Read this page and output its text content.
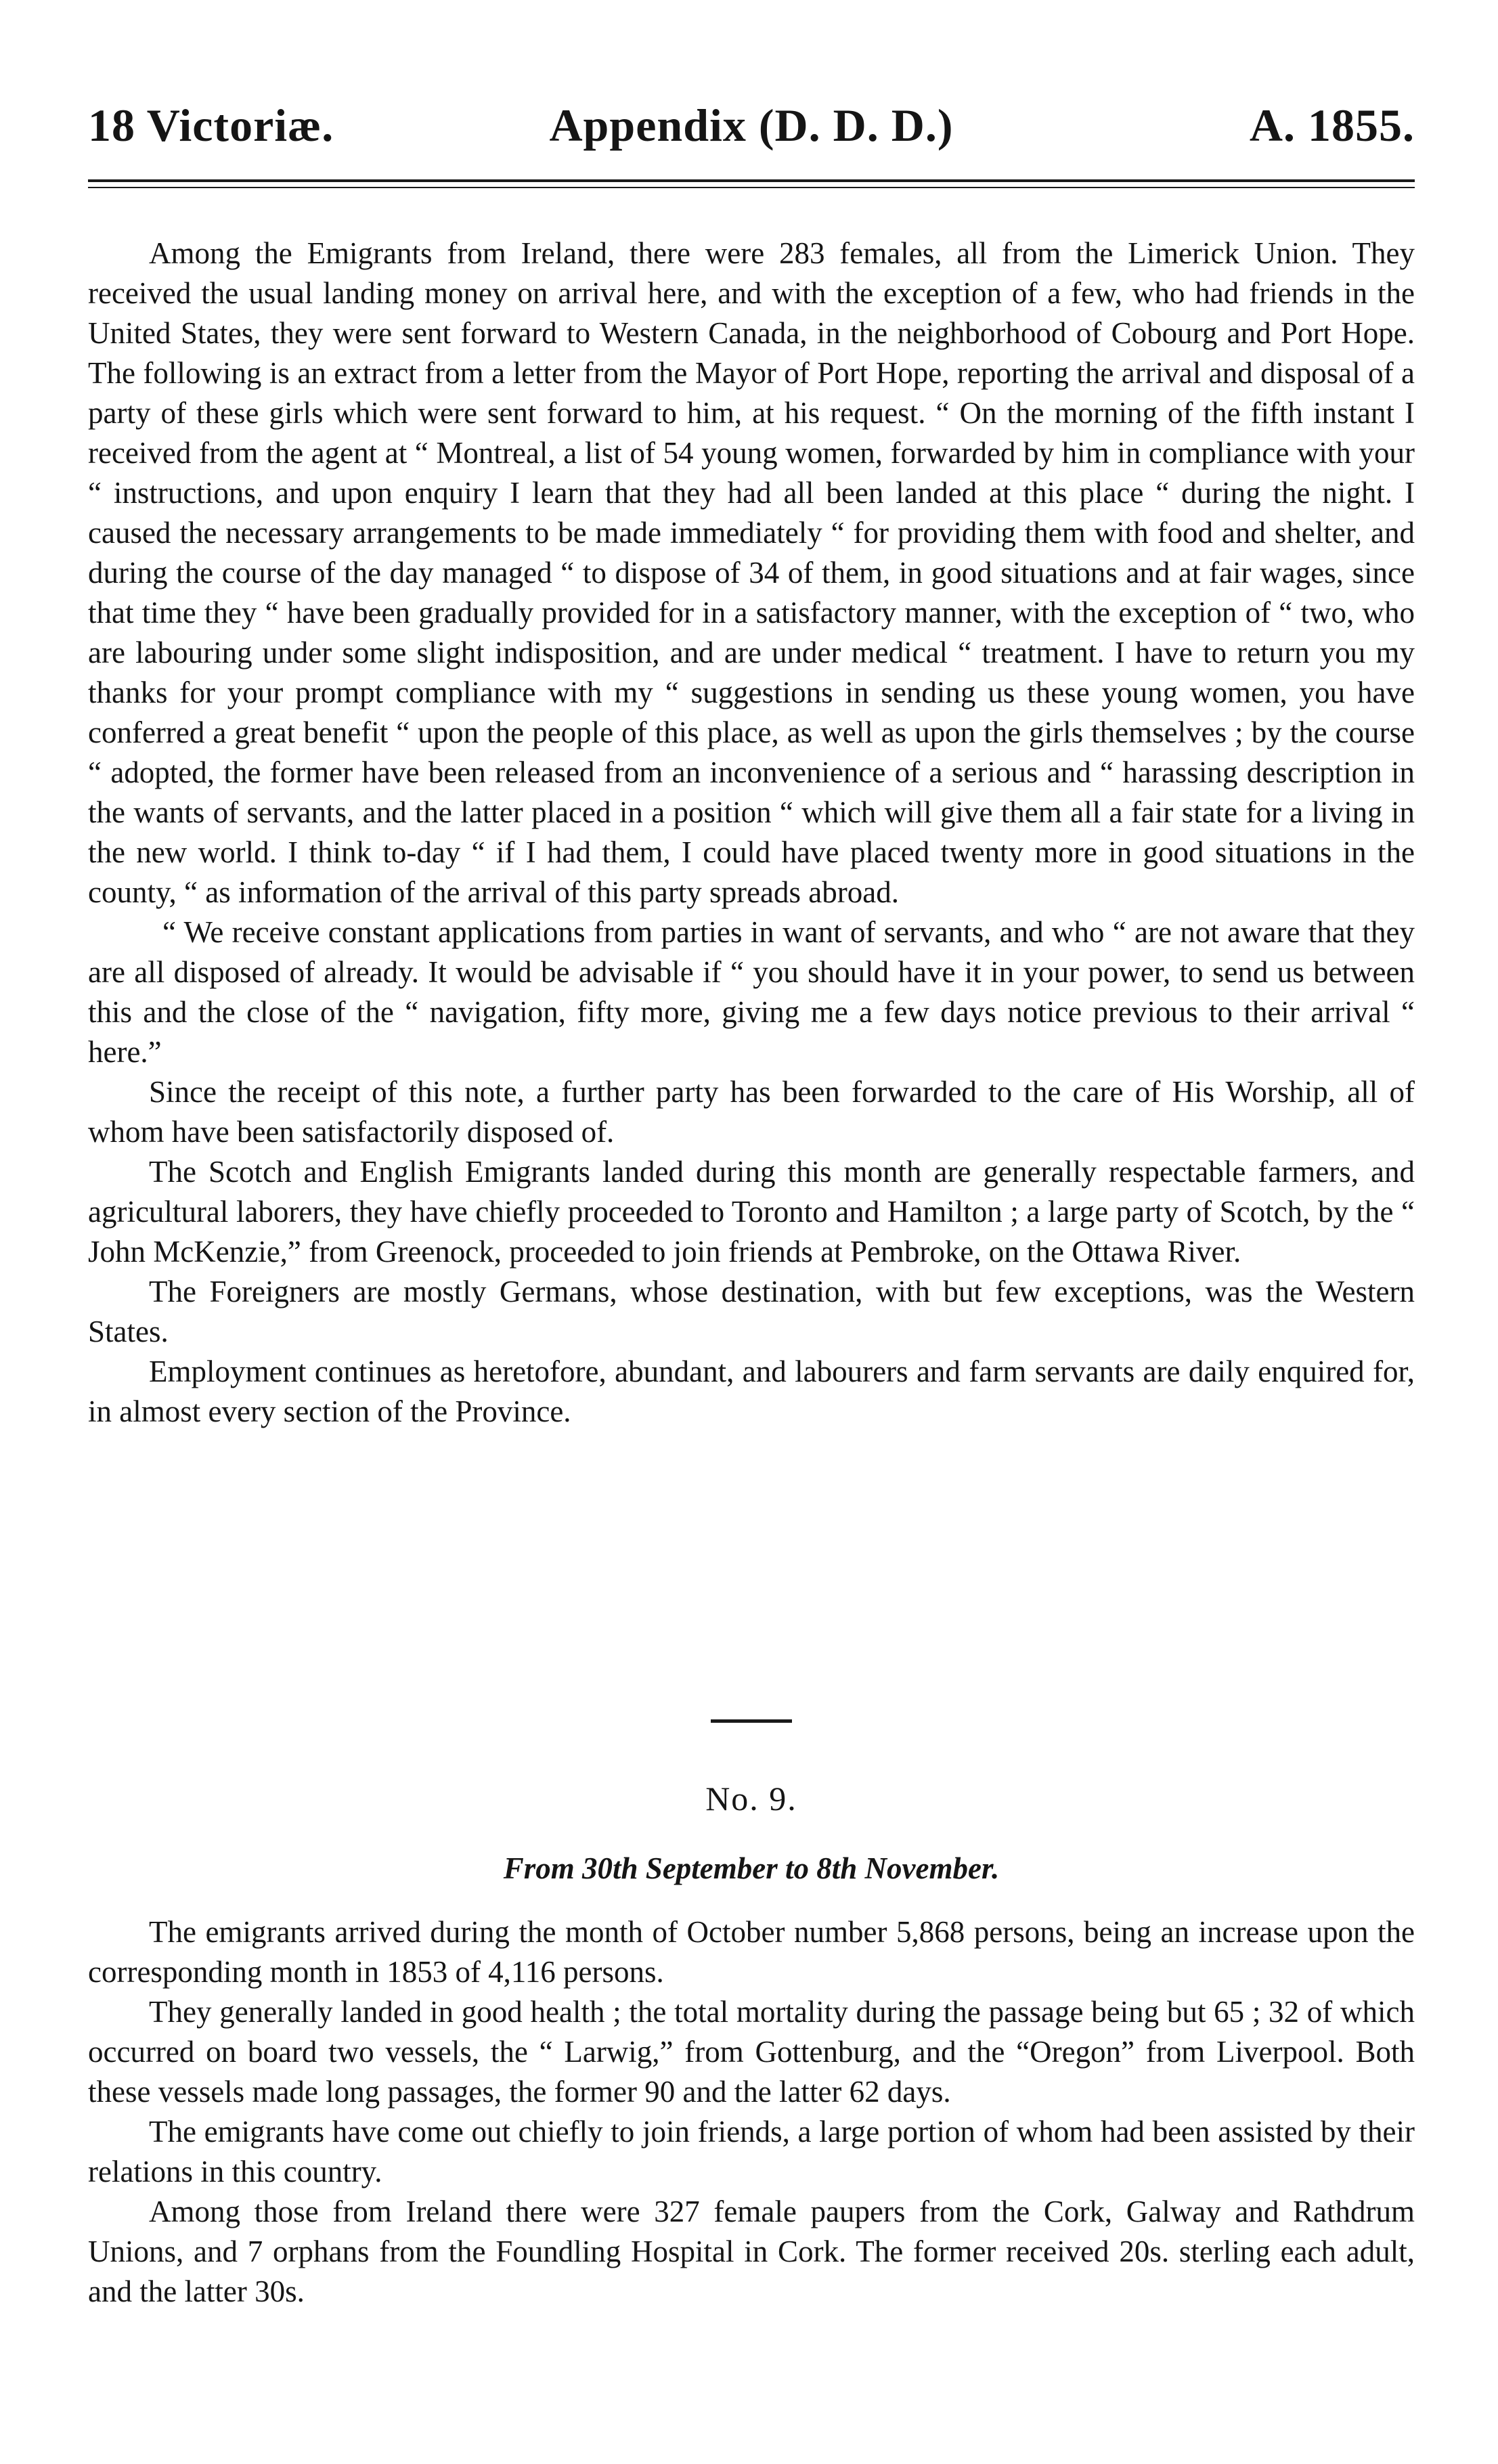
18 Victoriæ.	Appendix (D. D. D.)	A. 1855.

Among the Emigrants from Ireland, there were 283 females, all from the Limerick Union. They received the usual landing money on arrival here, and with the exception of a few, who had friends in the United States, they were sent forward to Western Canada, in the neighborhood of Cobourg and Port Hope. The following is an extract from a letter from the Mayor of Port Hope, reporting the arrival and disposal of a party of these girls which were sent forward to him, at his request. “ On the morning of the fifth instant I received from the agent at “ Montreal, a list of 54 young women, forwarded by him in compliance with your “ instructions, and upon enquiry I learn that they had all been landed at this place “ during the night. I caused the necessary arrangements to be made immediately “ for providing them with food and shelter, and during the course of the day managed “ to dispose of 34 of them, in good situations and at fair wages, since that time they “ have been gradually provided for in a satisfactory manner, with the exception of “ two, who are labouring under some slight indisposition, and are under medical “ treatment. I have to return you my thanks for your prompt compliance with my “ suggestions in sending us these young women, you have conferred a great benefit “ upon the people of this place, as well as upon the girls themselves ; by the course “ adopted, the former have been released from an inconvenience of a serious and “ harassing description in the wants of servants, and the latter placed in a position “ which will give them all a fair state for a living in the new world. I think to-day “ if I had them, I could have placed twenty more in good situations in the county, “ as information of the arrival of this party spreads abroad.

“ We receive constant applications from parties in want of servants, and who “ are not aware that they are all disposed of already. It would be advisable if “ you should have it in your power, to send us between this and the close of the “ navigation, fifty more, giving me a few days notice previous to their arrival “ here.”

Since the receipt of this note, a further party has been forwarded to the care of His Worship, all of whom have been satisfactorily disposed of.

The Scotch and English Emigrants landed during this month are generally respectable farmers, and agricultural laborers, they have chiefly proceeded to Toronto and Hamilton ; a large party of Scotch, by the “ John McKenzie,” from Greenock, proceeded to join friends at Pembroke, on the Ottawa River.

The Foreigners are mostly Germans, whose destination, with but few exceptions, was the Western States.

Employment continues as heretofore, abundant, and labourers and farm servants are daily enquired for, in almost every section of the Province.

No. 9.
From 30th September to 8th November.

The emigrants arrived during the month of October number 5,868 persons, being an increase upon the corresponding month in 1853 of 4,116 persons.

They generally landed in good health ; the total mortality during the passage being but 65 ; 32 of which occurred on board two vessels, the “ Larwig,” from Gottenburg, and the “Oregon” from Liverpool. Both these vessels made long passages, the former 90 and the latter 62 days.

The emigrants have come out chiefly to join friends, a large portion of whom had been assisted by their relations in this country.

Among those from Ireland there were 327 female paupers from the Cork, Galway and Rathdrum Unions, and 7 orphans from the Foundling Hospital in Cork. The former received 20s. sterling each adult, and the latter 30s.
